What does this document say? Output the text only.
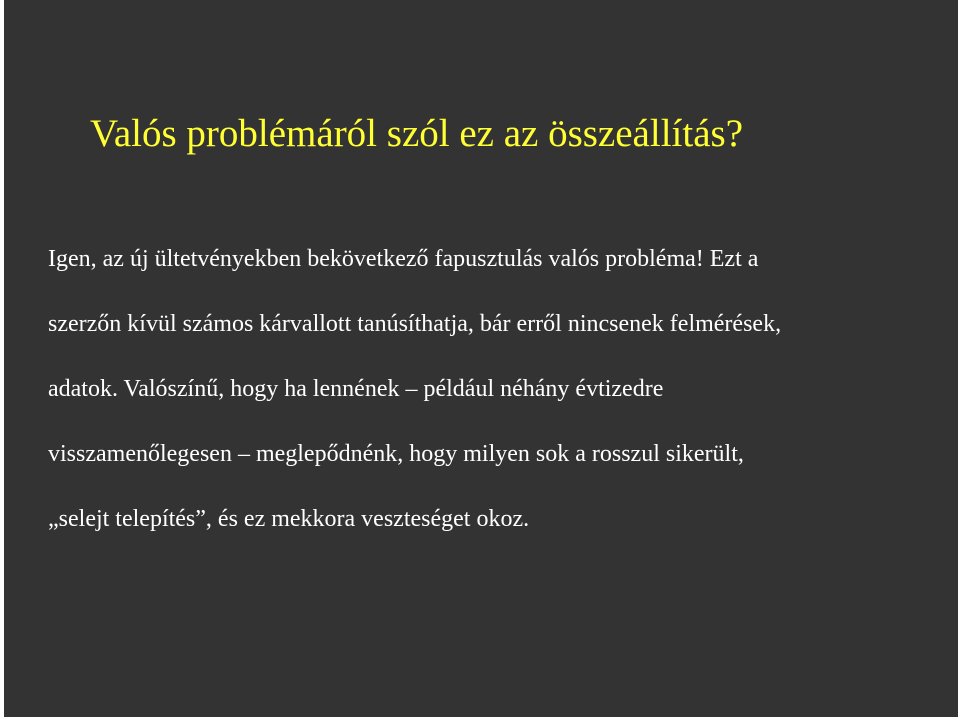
Valós problémáról szól ez az összeállítás?
Igen, az új ültetvényekben bekövetkező fapusztulás valós probléma! Ezt a
szerzőn kívül számos kárvallott tanúsíthatja, bár erről nincsenek felmérések,
adatok. Valószínű, hogy ha lennének – például néhány évtizedre
visszamenőlegesen – meglepődnénk, hogy milyen sok a rosszul sikerült,
„selejt telepítés”, és ez mekkora veszteséget okoz.
